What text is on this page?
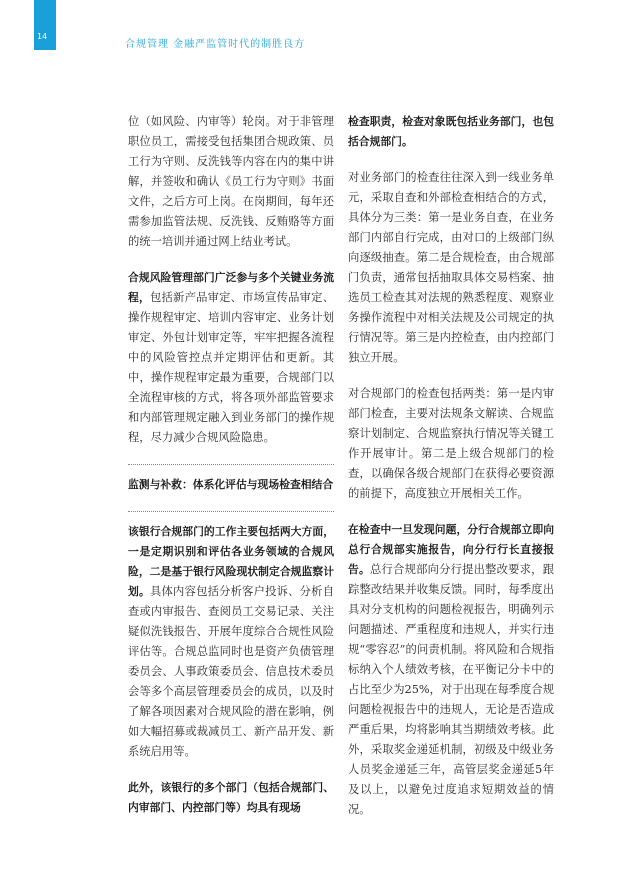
14
合规管理 金融严监管时代的制胜良方

位（如风险、内审等）轮岗。对于非管理职位员工，需接受包括集团合规政策、员工行为守则、反洗钱等内容在内的集中讲解，并签收和确认《员工行为守则》书面文件，之后方可上岗。在岗期间，每年还需参加监管法规、反洗钱、反贿赂等方面的统一培训并通过网上结业考试。

合规风险管理部门广泛参与多个关键业务流程，包括新产品审定、市场宣传品审定、操作规程审定、培训内容审定、业务计划审定、外包计划审定等，牢牢把握各流程中的风险管控点并定期评估和更新。其中，操作规程审定最为重要，合规部门以全流程审核的方式，将各项外部监管要求和内部管理规定融入到业务部门的操作规程，尽力减少合规风险隐患。

监测与补救：体系化评估与现场检查相结合

该银行合规部门的工作主要包括两大方面，一是定期识别和评估各业务领域的合规风险，二是基于银行风险现状制定合规监察计划。具体内容包括分析客户投诉、分析自查或内审报告、查阅员工交易记录、关注疑似洗钱报告、开展年度综合合规性风险评估等。合规总监同时也是资产负债管理委员会、人事政策委员会、信息技术委员会等多个高层管理委员会的成员，以及时了解各项因素对合规风险的潜在影响，例如大幅招募或裁减员工、新产品开发、新系统启用等。

此外，该银行的多个部门（包括合规部门、内审部门、内控部门等）均具有现场

检查职责，检查对象既包括业务部门，也包括合规部门。

对业务部门的检查往往深入到一线业务单元，采取自查和外部检查相结合的方式，具体分为三类：第一是业务自查，在业务部门内部自行完成，由对口的上级部门纵向逐级抽查。第二是合规检查，由合规部门负责，通常包括抽取具体交易档案、抽选员工检查其对法规的熟悉程度、观察业务操作流程中对相关法规及公司规定的执行情况等。第三是内控检查，由内控部门独立开展。

对合规部门的检查包括两类：第一是内审部门检查，主要对法规条文解读、合规监察计划制定、合规监察执行情况等关键工作开展审计。第二是上级合规部门的检查，以确保各级合规部门在获得必要资源的前提下，高度独立开展相关工作。

在检查中一旦发现问题，分行合规部立即向总行合规部实施报告，向分行行长直接报告。总行合规部向分行提出整改要求，跟踪整改结果并收集反馈。同时，每季度出具对分支机构的问题检视报告，明确列示问题描述、严重程度和违规人，并实行违规“零容忍”的问责机制。将风险和合规指标纳入个人绩效考核，在平衡记分卡中的占比至少为25%，对于出现在每季度合规问题检视报告中的违规人，无论是否造成严重后果，均将影响其当期绩效考核。此外，采取奖金递延机制，初级及中级业务人员奖金递延三年，高管层奖金递延5年及以上，以避免过度追求短期效益的情况。
